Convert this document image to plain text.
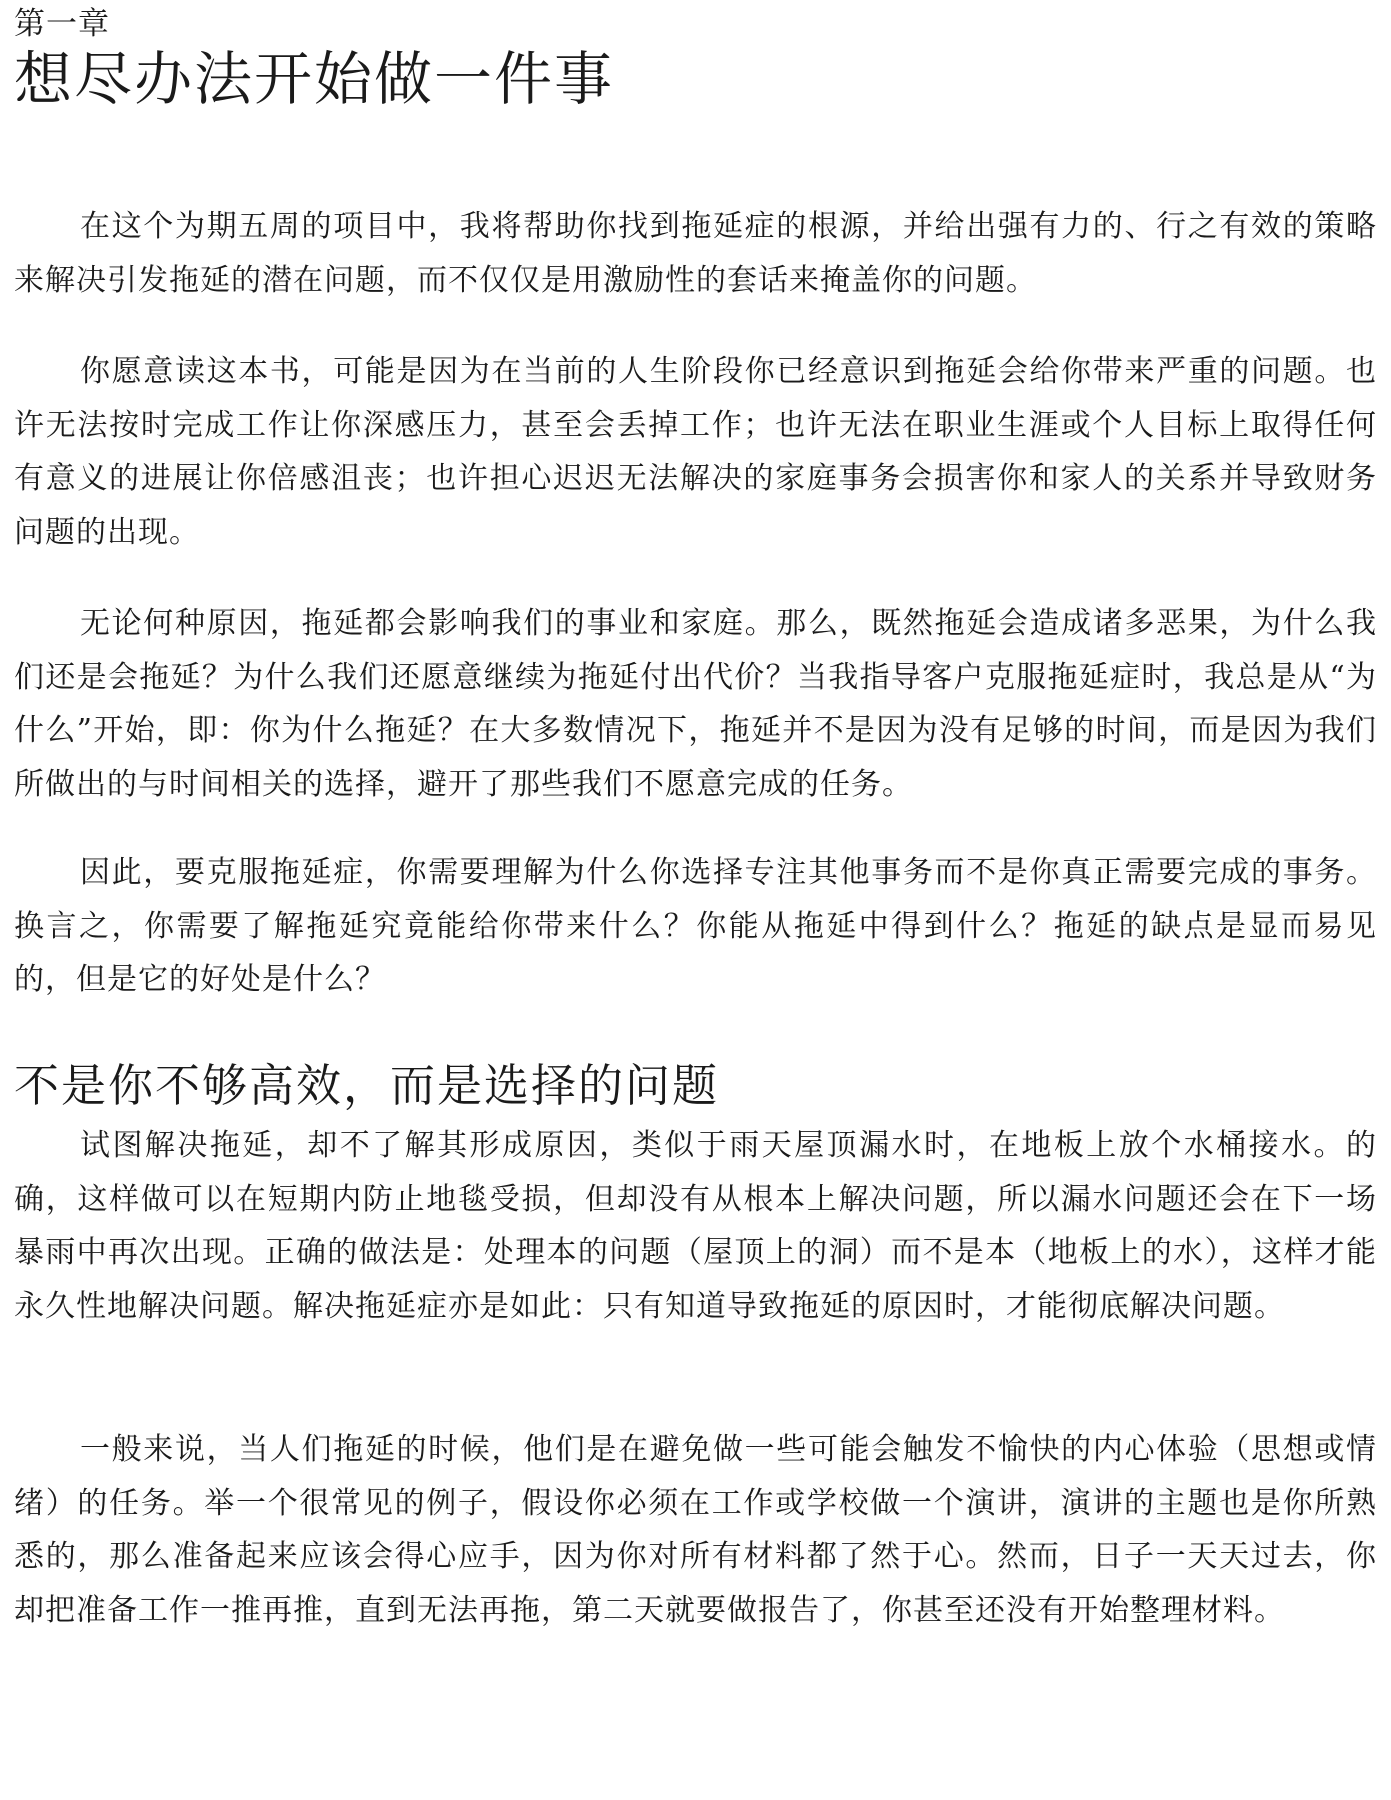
第一章

想尽办法开始做一件事

在这个为期五周的项目中，我将帮助你找到拖延症的根源，并给出强有力的、行之有效的策略来解决引发拖延的潜在问题，而不仅仅是用激励性的套话来掩盖你的问题。

你愿意读这本书，可能是因为在当前的人生阶段你已经意识到拖延会给你带来严重的问题。也许无法按时完成工作让你深感压力，甚至会丢掉工作；也许无法在职业生涯或个人目标上取得任何有意义的进展让你倍感沮丧；也许担心迟迟无法解决的家庭事务会损害你和家人的关系并导致财务问题的出现。

无论何种原因，拖延都会影响我们的事业和家庭。那么，既然拖延会造成诸多恶果，为什么我们还是会拖延？为什么我们还愿意继续为拖延付出代价？当我指导客户克服拖延症时，我总是从“为什么”开始，即：你为什么拖延？在大多数情况下，拖延并不是因为没有足够的时间，而是因为我们所做出的与时间相关的选择，避开了那些我们不愿意完成的任务。

因此，要克服拖延症，你需要理解为什么你选择专注其他事务而不是你真正需要完成的事务。换言之，你需要了解拖延究竟能给你带来什么？你能从拖延中得到什么？拖延的缺点是显而易见的，但是它的好处是什么？

不是你不够高效，而是选择的问题

试图解决拖延，却不了解其形成原因，类似于雨天屋顶漏水时，在地板上放个水桶接水。的确，这样做可以在短期内防止地毯受损，但却没有从根本上解决问题，所以漏水问题还会在下一场暴雨中再次出现。正确的做法是：处理本的问题（屋顶上的洞）而不是本（地板上的水），这样才能永久性地解决问题。解决拖延症亦是如此：只有知道导致拖延的原因时，才能彻底解决问题。

一般来说，当人们拖延的时候，他们是在避免做一些可能会触发不愉快的内心体验（思想或情绪）的任务。举一个很常见的例子，假设你必须在工作或学校做一个演讲，演讲的主题也是你所熟悉的，那么准备起来应该会得心应手，因为你对所有材料都了然于心。然而，日子一天天过去，你却把准备工作一推再推，直到无法再拖，第二天就要做报告了，你甚至还没有开始整理材料。
